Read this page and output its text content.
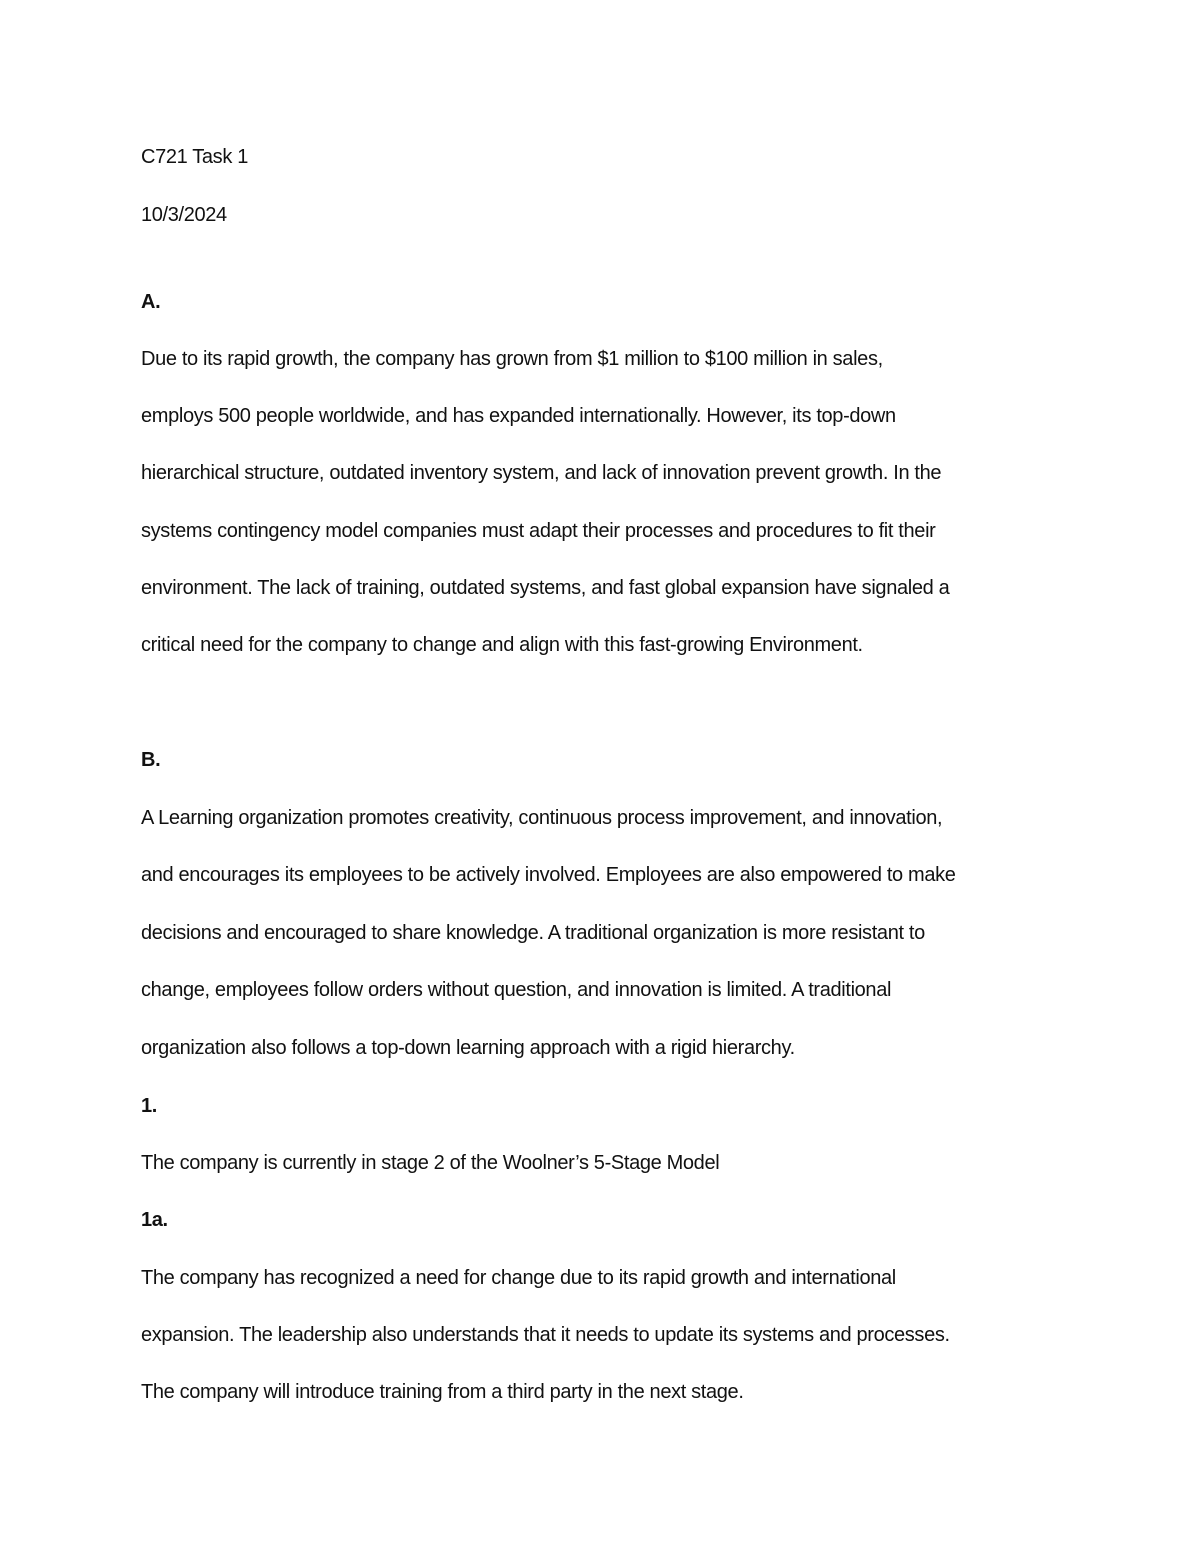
C721 Task 1
10/3/2024
A.
Due to its rapid growth, the company has grown from $1 million to $100 million in sales,
employs 500 people worldwide, and has expanded internationally. However, its top-down
hierarchical structure, outdated inventory system, and lack of innovation prevent growth. In the
systems contingency model companies must adapt their processes and procedures to fit their
environment. The lack of training, outdated systems, and fast global expansion have signaled a
critical need for the company to change and align with this fast-growing Environment.
B.
A Learning organization promotes creativity, continuous process improvement, and innovation,
and encourages its employees to be actively involved. Employees are also empowered to make
decisions and encouraged to share knowledge. A traditional organization is more resistant to
change, employees follow orders without question, and innovation is limited. A traditional
organization also follows a top-down learning approach with a rigid hierarchy.
1.
The company is currently in stage 2 of the Woolner’s 5-Stage Model
1a.
The company has recognized a need for change due to its rapid growth and international
expansion. The leadership also understands that it needs to update its systems and processes.
The company will introduce training from a third party in the next stage.
